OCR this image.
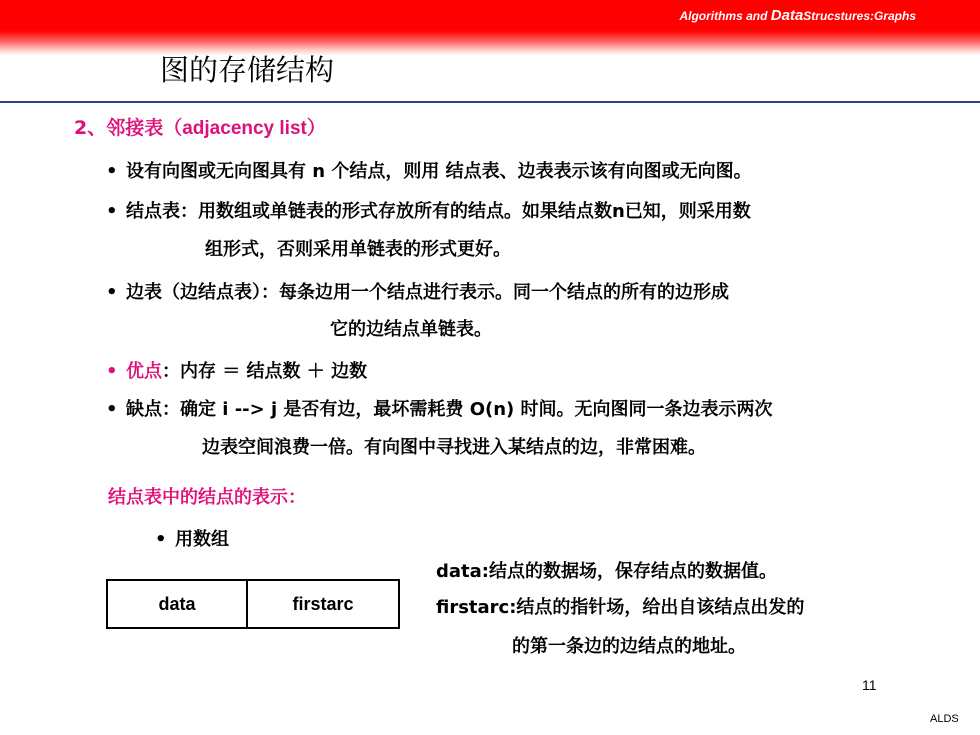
Algorithms and DataStrucstures:Graphs
图的存储结构
2、邻接表（adjacency list）
• 设有向图或无向图具有 n 个结点，则用 结点表、边表表示该有向图或无向图。
• 结点表：用数组或单链表的形式存放所有的结点。如果结点数n已知，则采用数
组形式，否则采用单链表的形式更好。
• 边表（边结点表）：每条边用一个结点进行表示。同一个结点的所有的边形成
它的边结点单链表。
• 优点：内存 ＝ 结点数 ＋ 边数
• 缺点：确定 i --> j 是否有边，最坏需耗费 O(n) 时间。无向图同一条边表示两次
边表空间浪费一倍。有向图中寻找进入某结点的边，非常困难。
结点表中的结点的表示：
• 用数组
data	firstarc
data:结点的数据场，保存结点的数据值。
firstarc:结点的指针场，给出自该结点出发的
的第一条边的边结点的地址。
11
ALDS
